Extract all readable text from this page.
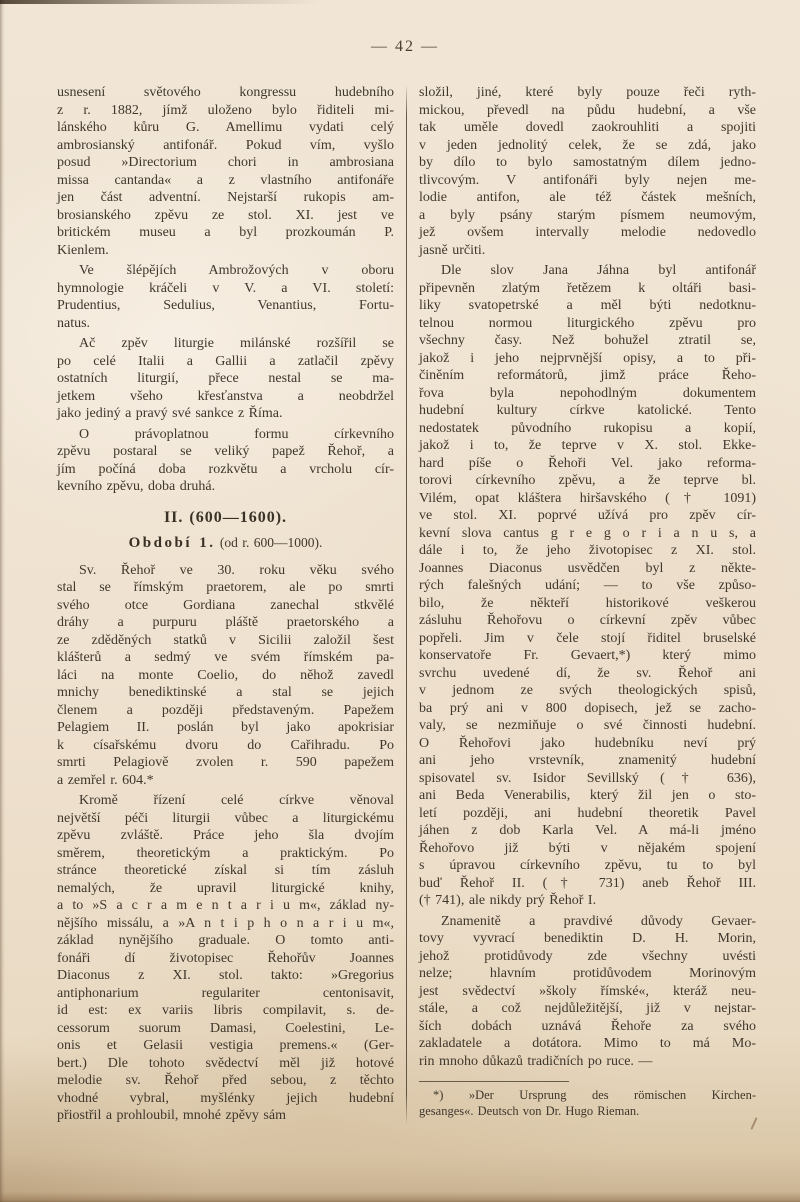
— 42 —
usnesení světového kongressu hudebního
z r. 1882, jímž uloženo bylo řiditeli mi-
lánského kůru G. Amellimu vydati celý
ambrosianský antifonář. Pokud vím, vyšlo
posud »Directorium chori in ambrosiana
missa cantanda« a z vlastního antifonáře
jen část adventní. Nejstarší rukopis am-
brosianského zpěvu ze stol. XI. jest ve
britickém museu a byl prozkoumán P.
Kienlem.
Ve šlépějích Ambrožových v oboru
hymnologie kráčeli v V. a VI. století:
Prudentius, Sedulius, Venantius, Fortu-
natus.
Ač zpěv liturgie milánské rozšířil se
po celé Italii a Gallii a zatlačil zpěvy
ostatních liturgií, přece nestal se ma-
jetkem všeho křesťanstva a neobdržel
jako jediný a pravý své sankce z Říma.
O právoplatnou formu církevního
zpěvu postaral se veliký papež Řehoř, a
jím počíná doba rozkvětu a vrcholu cír-
kevního zpěvu, doba druhá.
II. (600—1600).
Období 1. (od r. 600—1000).
Sv. Řehoř ve 30. roku věku svého
stal se římským praetorem, ale po smrti
svého otce Gordiana zanechal stkvělé
dráhy a purpuru pláště praetorského a
ze zděděných statků v Sicilii založil šest
klášterů a sedmý ve svém římském pa-
láci na monte Coelio, do něhož zavedl
mnichy benediktinské a stal se jejich
členem a později představeným. Papežem
Pelagiem II. poslán byl jako apokrisiar
k císařskému dvoru do Cařihradu. Po
smrti Pelagiově zvolen r. 590 papežem
a zemřel r. 604.*
Kromě řízení celé církve věnoval
největší péči liturgii vůbec a liturgickému
zpěvu zvláště. Práce jeho šla dvojím
směrem, theoretickým a praktickým. Po
stránce theoretické získal si tím zásluh
nemalých, že upravil liturgické knihy,
a to »S a c r a m e n t a r i u m«, základ ny-
nějšího missálu, a »A n t i p h o n a r i u m«,
základ nynějšího graduale. O tomto anti-
fonáři dí životopisec Řehořův Joannes
Diaconus z XI. stol. takto: »Gregorius
antiphonarium regulariter centonisavit,
id est: ex variis libris compilavit, s. de-
cessorum suorum Damasi, Coelestini, Le-
onis et Gelasii vestigia premens.« (Ger-
bert.) Dle tohoto svědectví měl již hotové
melodie sv. Řehoř před sebou, z těchto
vhodné vybral, myšlénky jejich hudební
přiostřil a prohloubil, mnohé zpěvy sám
složil, jiné, které byly pouze řeči ryth-
mickou, převedl na půdu hudební, a vše
tak uměle dovedl zaokrouhliti a spojiti
v jeden jednolitý celek, že se zdá, jako
by dílo to bylo samostatným dílem jedno-
tlivcovým. V antifonáři byly nejen me-
lodie antifon, ale též částek mešních,
a byly psány starým písmem neumovým,
jež ovšem intervally melodie nedovedlo
jasně určiti.
Dle slov Jana Jáhna byl antifonář
připevněn zlatým řetězem k oltáři basi-
liky svatopetrské a měl býti nedotknu-
telnou normou liturgického zpěvu pro
všechny časy. Než bohužel ztratil se,
jakož i jeho nejprvnější opisy, a to při-
činěním reformátorů, jimž práce Řeho-
řova byla nepohodlným dokumentem
hudební kultury církve katolické. Tento
nedostatek původního rukopisu a kopií,
jakož i to, že teprve v X. stol. Ekke-
hard píše o Řehoři Vel. jako reforma-
torovi církevního zpěvu, a že teprve bl.
Vilém, opat kláštera hiršavského († 1091)
ve stol. XI. poprvé užívá pro zpěv cír-
kevní slova cantus g r e g o r i a n u s, a
dále i to, že jeho životopisec z XI. stol.
Joannes Diaconus usvědčen byl z někte-
rých falešných udání; — to vše způso-
bilo, že někteří historikové veškerou
zásluhu Řehořovu o církevní zpěv vůbec
popřeli. Jim v čele stojí řiditel bruselské
konservatoře Fr. Gevaert,*) který mimo
svrchu uvedené dí, že sv. Řehoř ani
v jednom ze svých theologických spisů,
ba prý ani v 800 dopisech, jež se zacho-
valy, se nezmiňuje o své činnosti hudební.
O Řehořovi jako hudebníku neví prý
ani jeho vrstevník, znamenitý hudební
spisovatel sv. Isidor Sevillský († 636),
ani Beda Venerabilis, který žil jen o sto-
letí později, ani hudební theoretik Pavel
jáhen z dob Karla Vel. A má-li jméno
Řehořovo již býti v nějakém spojení
s úpravou církevního zpěvu, tu to byl
buď Řehoř II. († 731) aneb Řehoř III.
(† 741), ale nikdy prý Řehoř I.
Znamenitě a pravdivé důvody Gevaer-
tovy vyvrací benediktin D. H. Morin,
jehož protidůvody zde všechny uvésti
nelze; hlavním protidůvodem Morinovým
jest svědectví »školy římské«, kteráž neu-
stále, a což nejdůležitější, již v nejstar-
ších dobách uznává Řehoře za svého
zakladatele a dotátora. Mimo to má Mo-
rin mnoho důkazů tradičních po ruce. —
*) »Der Ursprung des römischen Kirchen-
gesanges«. Deutsch von Dr. Hugo Rieman.
